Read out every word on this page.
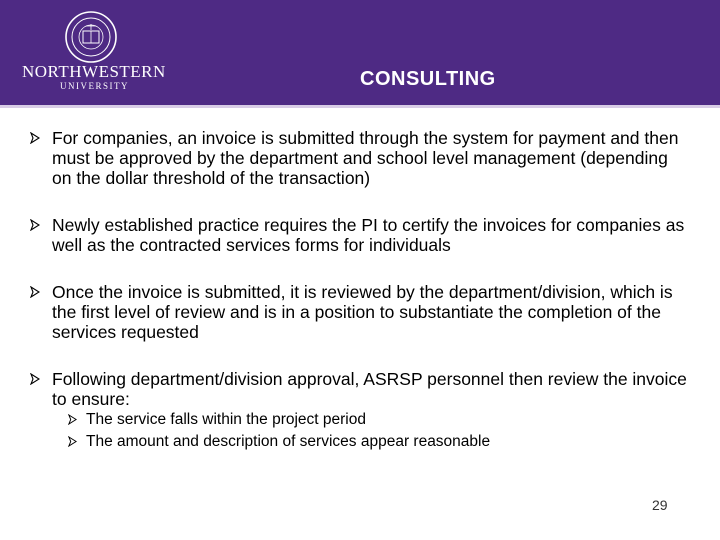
NORTHWESTERN
UNIVERSITY	CONSULTING
For companies, an invoice is submitted through the system for payment and then must be approved by the department and school level management (depending on the dollar threshold of the transaction)
Newly established practice requires the PI to certify the invoices for companies as well as the contracted services forms for individuals
Once the invoice is submitted, it is reviewed by the department/division, which is the first level of review and is in a position to substantiate the completion of the services requested
Following department/division approval, ASRSP personnel then review the invoice to ensure:
The service falls within the project period
The amount and description of services appear reasonable
29
